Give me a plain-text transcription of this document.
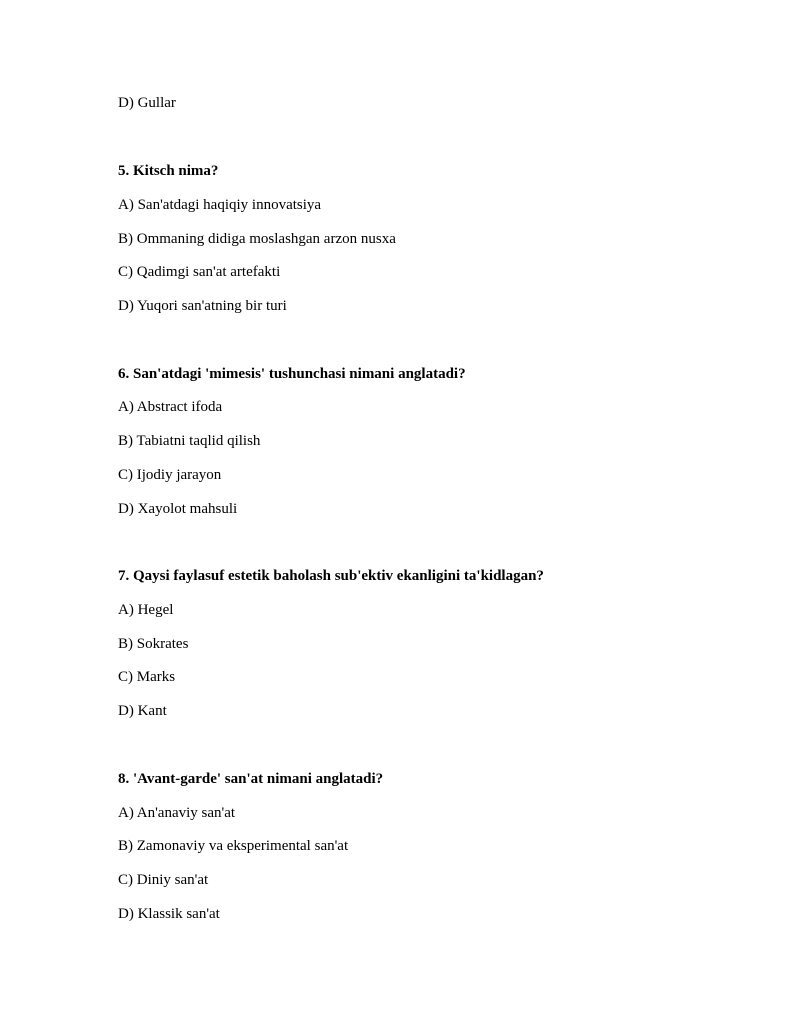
D) Gullar
5. Kitsch nima?
A) San'atdagi haqiqiy innovatsiya
B) Ommaning didiga moslashgan arzon nusxa
C) Qadimgi san'at artefakti
D) Yuqori san'atning bir turi
6. San'atdagi 'mimesis' tushunchasi nimani anglatadi?
A) Abstract ifoda
B) Tabiatni taqlid qilish
C) Ijodiy jarayon
D) Xayolot mahsuli
7. Qaysi faylasuf estetik baholash sub'ektiv ekanligini ta'kidlagan?
A) Hegel
B) Sokrates
C) Marks
D) Kant
8. 'Avant-garde' san'at nimani anglatadi?
A) An'anaviy san'at
B) Zamonaviy va eksperimental san'at
C) Diniy san'at
D) Klassik san'at
